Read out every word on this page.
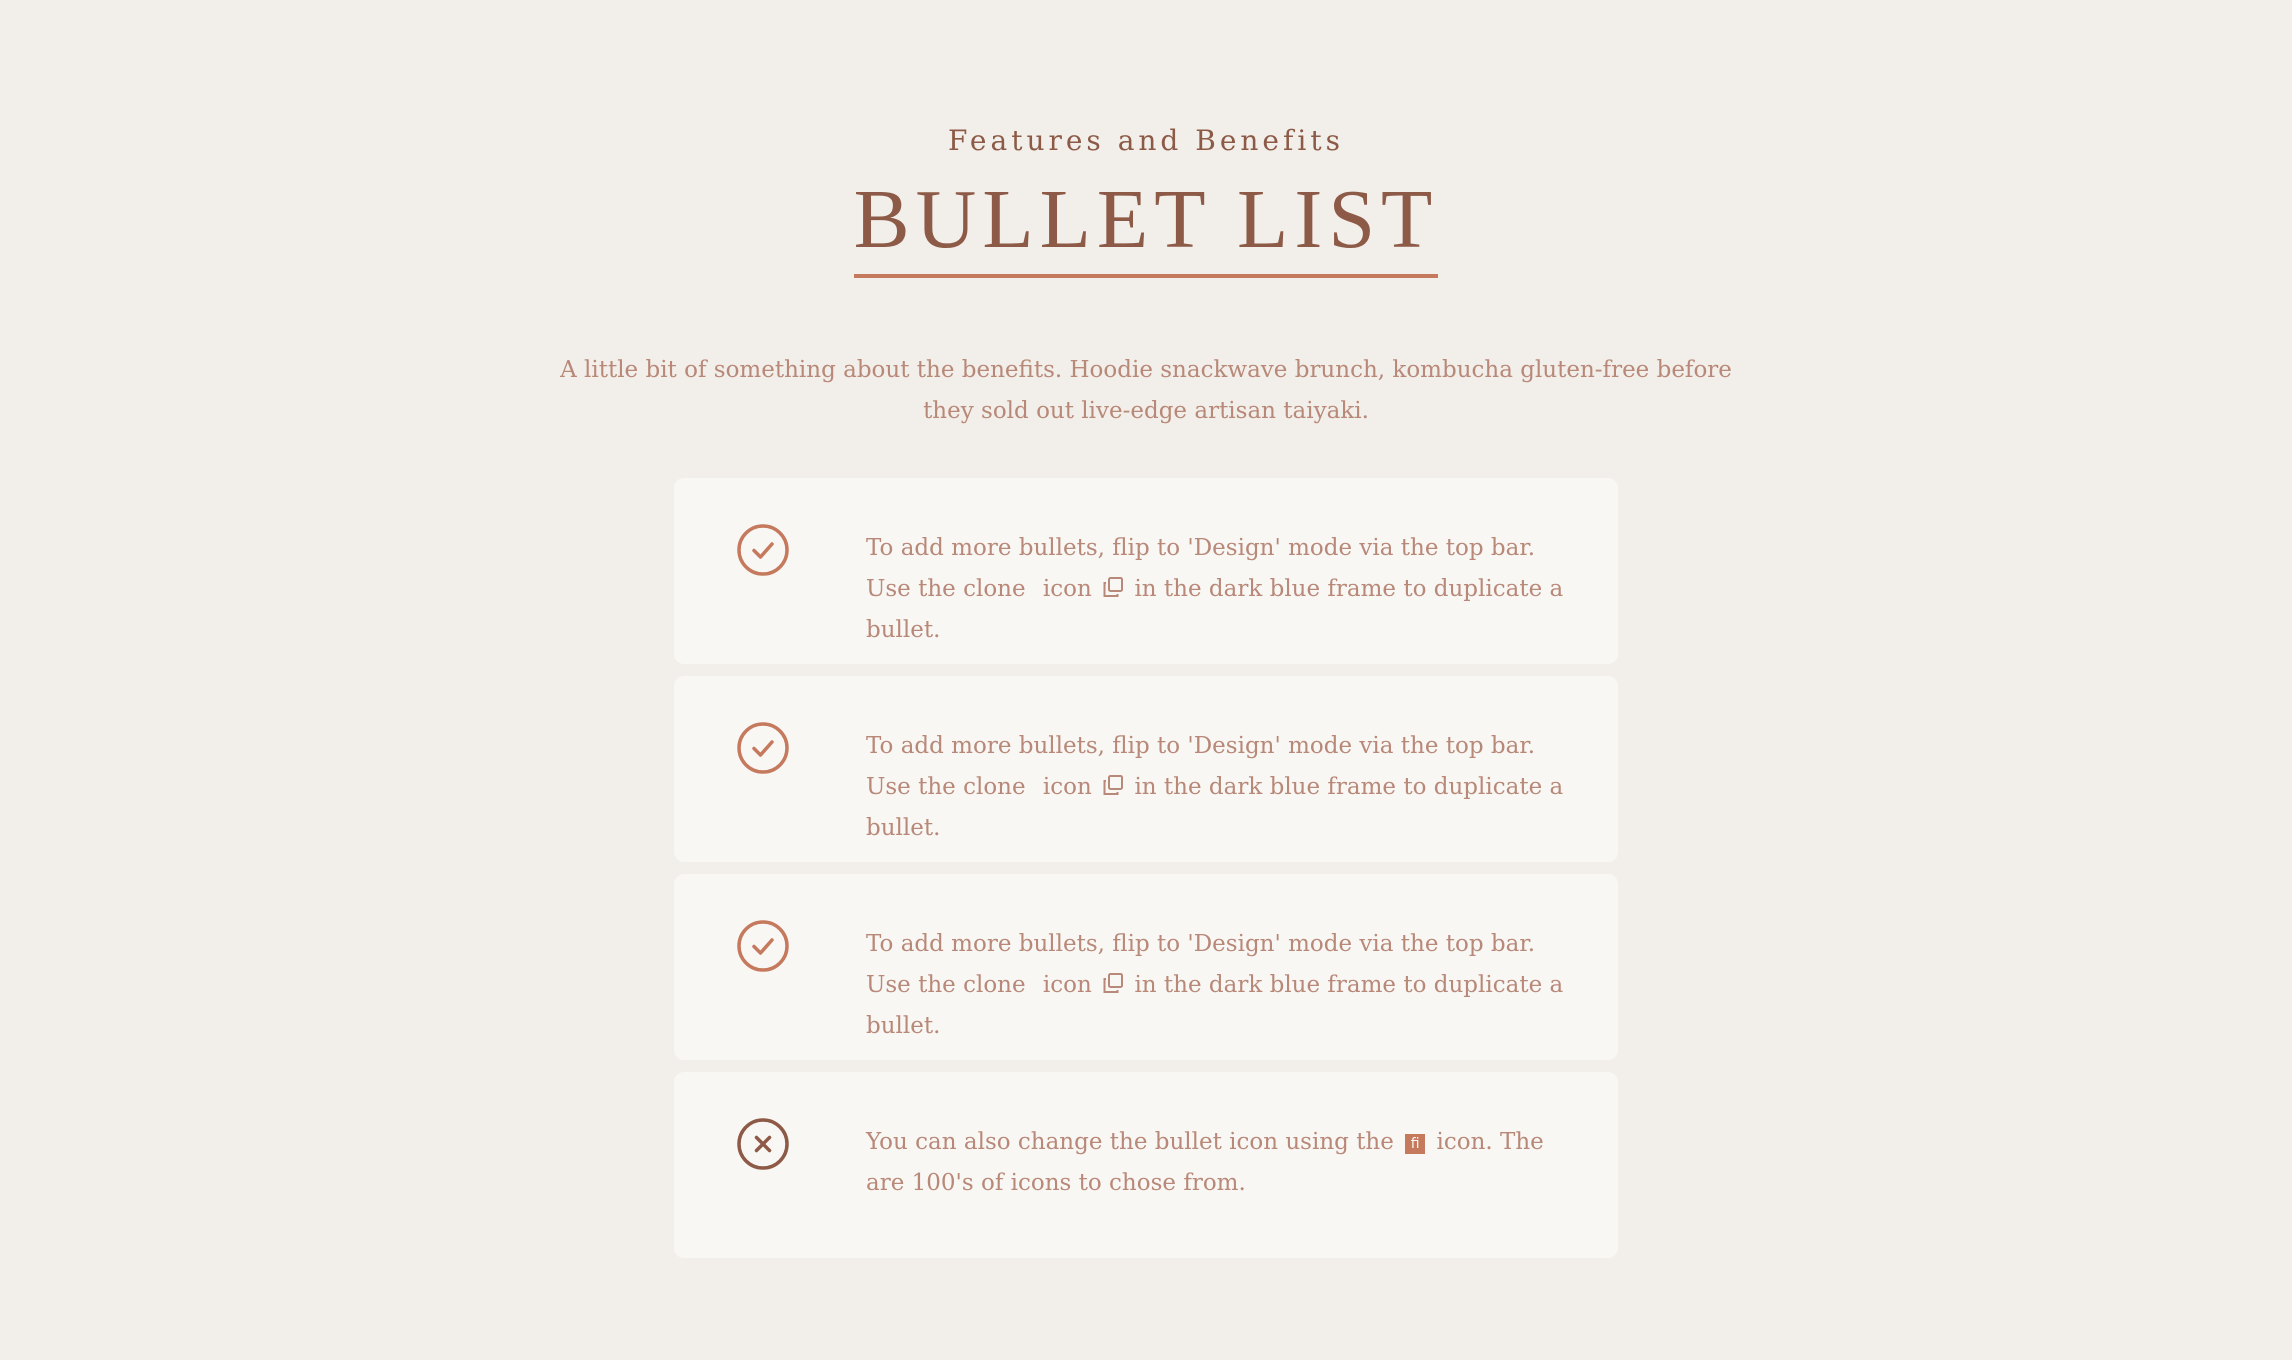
Features and Benefits
BULLET LIST
A little bit of something about the benefits. Hoodie snackwave brunch, kombucha gluten-free before they sold out live-edge artisan taiyaki.
To add more bullets, flip to 'Design' mode via the top bar. Use the clone icon in the dark blue frame to duplicate a bullet.
To add more bullets, flip to 'Design' mode via the top bar. Use the clone icon in the dark blue frame to duplicate a bullet.
To add more bullets, flip to 'Design' mode via the top bar. Use the clone icon in the dark blue frame to duplicate a bullet.
You can also change the bullet icon using the fi icon. The are 100's of icons to chose from.
